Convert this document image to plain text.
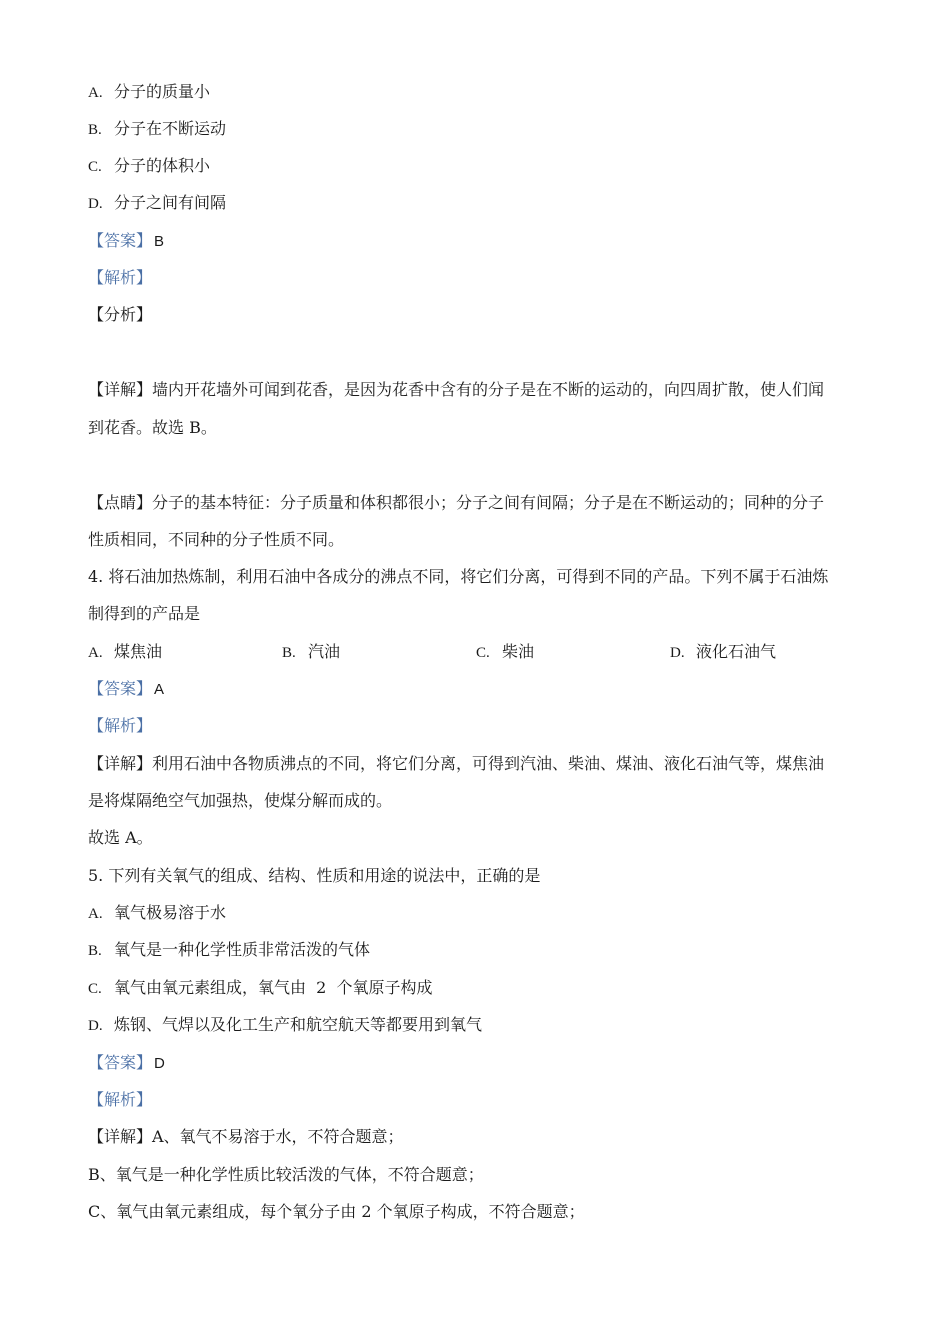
A. 分子的质量小
B. 分子在不断运动
C. 分子的体积小
D. 分子之间有间隔
【答案】 B
【解析】
【分析】
【详解】墙内开花墙外可闻到花香，是因为花香中含有的分子是在不断的运动的，向四周扩散，使人们闻
到花香。故选 B。
【点睛】分子的基本特征：分子质量和体积都很小；分子之间有间隔；分子是在不断运动的；同种的分子
性质相同，不同种的分子性质不同。
4. 将石油加热炼制，利用石油中各成分的沸点不同，将它们分离，可得到不同的产品。下列不属于石油炼
制得到的产品是
A. 煤焦油	B. 汽油	C. 柴油	D. 液化石油气
【答案】 A
【解析】
【详解】利用石油中各物质沸点的不同，将它们分离，可得到汽油、柴油、煤油、液化石油气等，煤焦油
是将煤隔绝空气加强热，使煤分解而成的。
故选 A。
5. 下列有关氧气的组成、结构、性质和用途的说法中，正确的是
A. 氧气极易溶于水
B. 氧气是一种化学性质非常活泼的气体
C. 氧气由氧元素组成，氧气由  2  个氧原子构成
D. 炼钢、气焊以及化工生产和航空航天等都要用到氧气
【答案】 D
【解析】
【详解】A、氧气不易溶于水，不符合题意；
B、氧气是一种化学性质比较活泼的气体，不符合题意；
C、氧气由氧元素组成，每个氧分子由 2 个氧原子构成，不符合题意；
